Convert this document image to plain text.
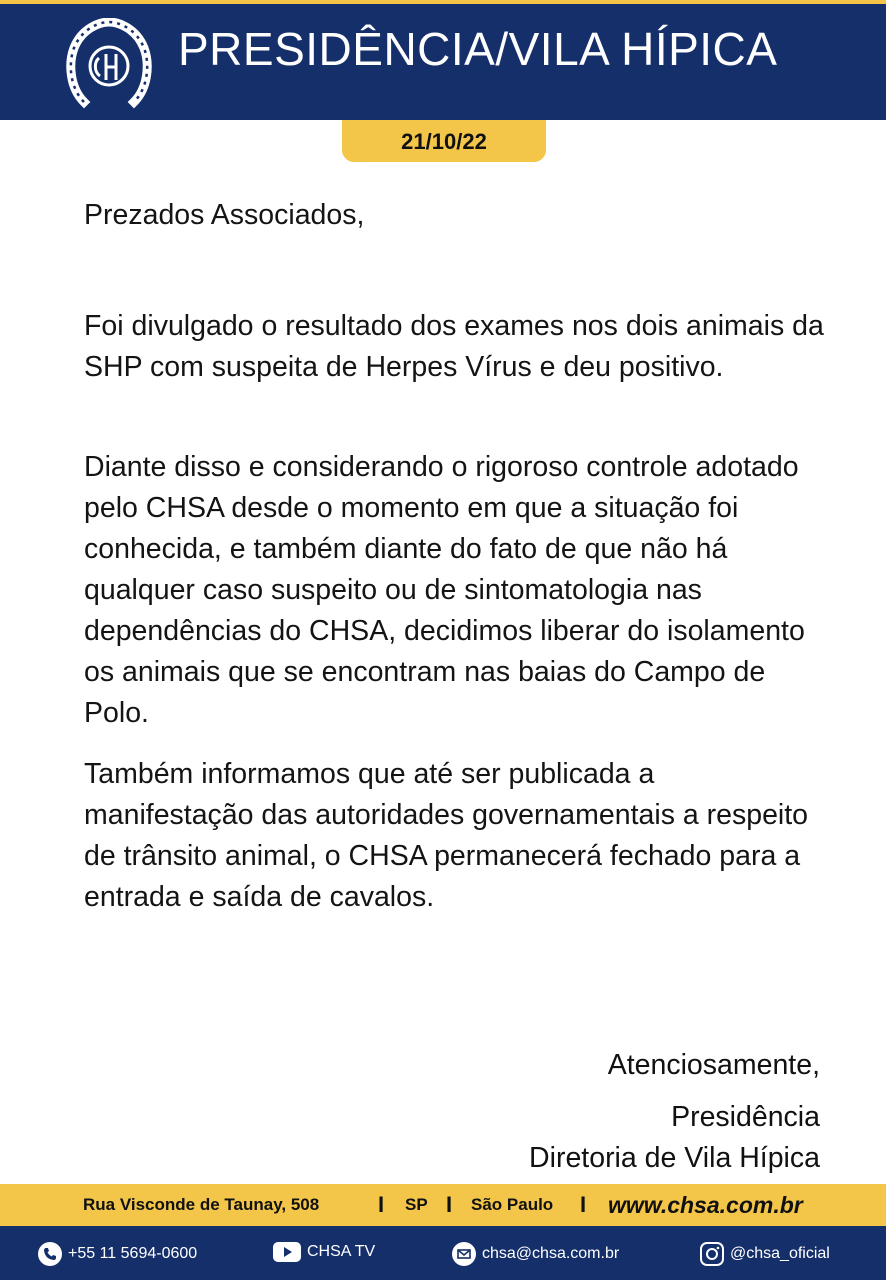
PRESIDÊNCIA/VILA HÍPICA
21/10/22
Prezados Associados,
Foi divulgado o resultado dos exames nos dois animais da SHP com suspeita de Herpes Vírus e deu positivo.
Diante disso e considerando o rigoroso controle adotado pelo CHSA desde o momento em que a situação foi conhecida, e também diante do fato de que não há qualquer caso suspeito ou de sintomatologia nas dependências do CHSA, decidimos liberar do isolamento os animais que se encontram nas baias do Campo de Polo.
Também informamos que até ser publicada a manifestação das autoridades governamentais a respeito de trânsito animal, o CHSA permanecerá fechado para a entrada e saída de cavalos.
Atenciosamente,
Presidência
Diretoria de Vila Hípica
Rua Visconde de Taunay, 508	I SP I São Paulo I www.chsa.com.br
+55 11 5694-0600	CHSA TV	chsa@chsa.com.br	@chsa_oficial
